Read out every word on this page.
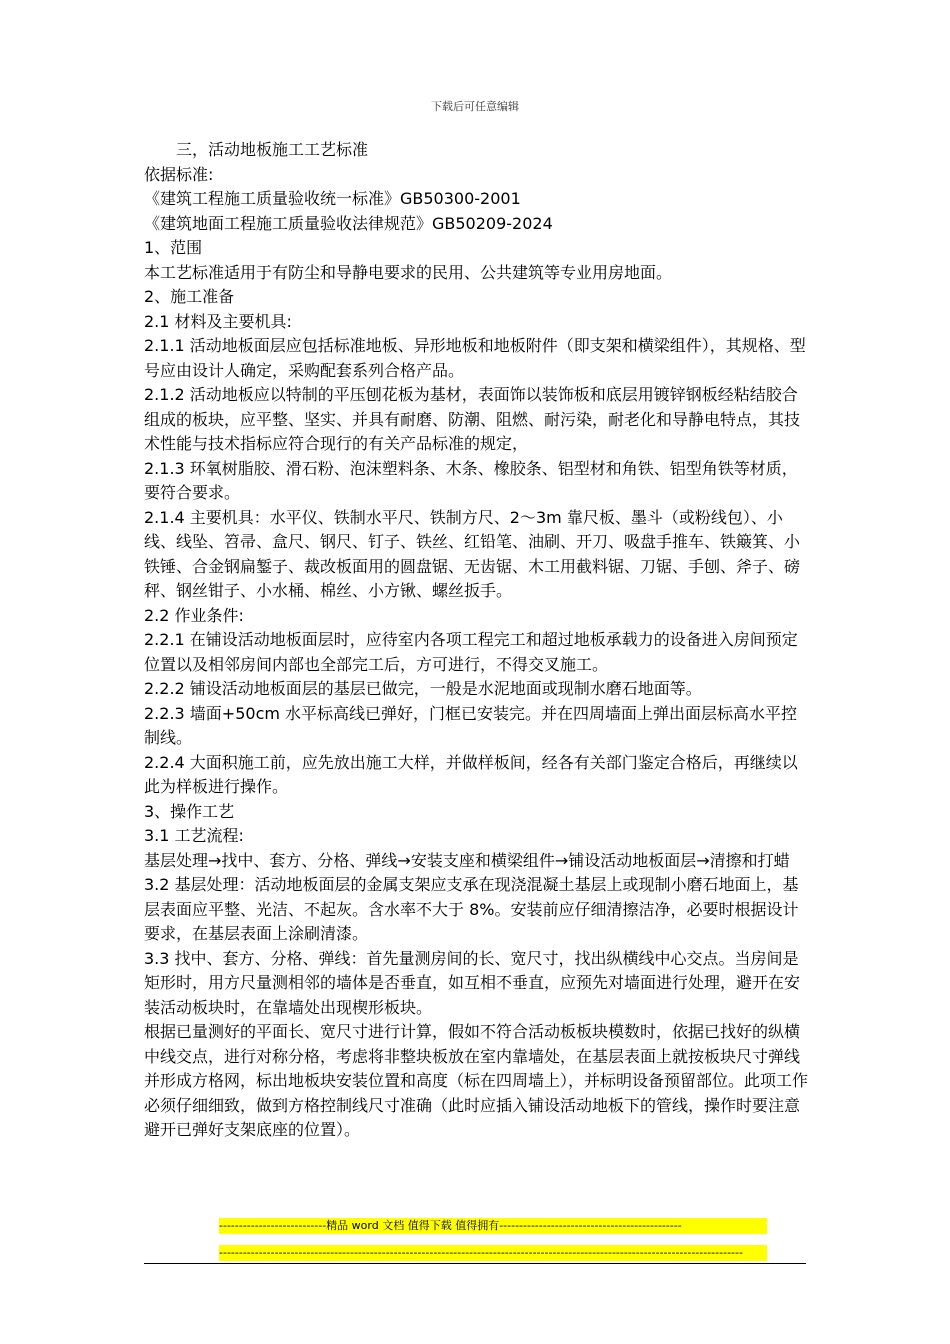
下载后可任意编辑

三，活动地板施工工艺标准

依据标准:

《建筑工程施工质量验收统一标准》GB50300-2001

《建筑地面工程施工质量验收法律规范》GB50209-2024

1、范围

本工艺标准适用于有防尘和导静电要求的民用、公共建筑等专业用房地面。

2、施工准备

2.1 材料及主要机具:

2.1.1 活动地板面层应包括标准地板、异形地板和地板附件（即支架和横梁组件），其规格、型号应由设计人确定，采购配套系列合格产品。

2.1.2 活动地板应以特制的平压刨花板为基材，表面饰以装饰板和底层用镀锌钢板经粘结胶合组成的板块，应平整、坚实、并具有耐磨、防潮、阻燃、耐污染，耐老化和导静电特点，其技术性能与技术指标应符合现行的有关产品标准的规定，

2.1.3 环氧树脂胶、滑石粉、泡沫塑料条、木条、橡胶条、铝型材和角铁、铝型角铁等材质，要符合要求。

2.1.4 主要机具：水平仪、铁制水平尺、铁制方尺、2～3m 靠尺板、墨斗（或粉线包）、小线、线坠、笤帚、盒尺、钢尺、钉子、铁丝、红铅笔、油刷、开刀、吸盘手推车、铁簸箕、小铁锤、合金钢扁錾子、裁改板面用的圆盘锯、无齿锯、木工用截料锯、刀锯、手刨、斧子、磅秤、钢丝钳子、小水桶、棉丝、小方锹、螺丝扳手。

2.2 作业条件:

2.2.1 在铺设活动地板面层时，应待室内各项工程完工和超过地板承载力的设备进入房间预定位置以及相邻房间内部也全部完工后，方可进行，不得交叉施工。

2.2.2 铺设活动地板面层的基层已做完，一般是水泥地面或现制水磨石地面等。

2.2.3 墙面+50cm 水平标高线已弹好，门框已安装完。并在四周墙面上弹出面层标高水平控制线。

2.2.4 大面积施工前，应先放出施工大样，并做样板间，经各有关部门鉴定合格后，再继续以此为样板进行操作。

3、操作工艺

3.1 工艺流程:

基层处理→找中、套方、分格、弹线→安装支座和横梁组件→铺设活动地板面层→清擦和打蜡

3.2 基层处理：活动地板面层的金属支架应支承在现浇混凝土基层上或现制小磨石地面上，基层表面应平整、光洁、不起灰。含水率不大于 8%。安装前应仔细清擦洁净，必要时根据设计要求，在基层表面上涂刷清漆。

3.3 找中、套方、分格、弹线：首先量测房间的长、宽尺寸，找出纵横线中心交点。当房间是矩形时，用方尺量测相邻的墙体是否垂直，如互相不垂直，应预先对墙面进行处理，避开在安装活动板块时，在靠墙处出现楔形板块。

根据已量测好的平面长、宽尺寸进行计算，假如不符合活动板板块模数时，依据已找好的纵横中线交点，进行对称分格，考虑将非整块板放在室内靠墙处，在基层表面上就按板块尺寸弹线并形成方格网，标出地板块安装位置和高度（标在四周墙上），并标明设备预留部位。此项工作必须仔细细致，做到方格控制线尺寸准确（此时应插入铺设活动地板下的管线，操作时要注意避开已弹好支架底座的位置）。

---------------------------精品 word 文档 值得下载 值得拥有----------------------------------------------
------------------------------------------------------------------------------------------------------------------------------------
